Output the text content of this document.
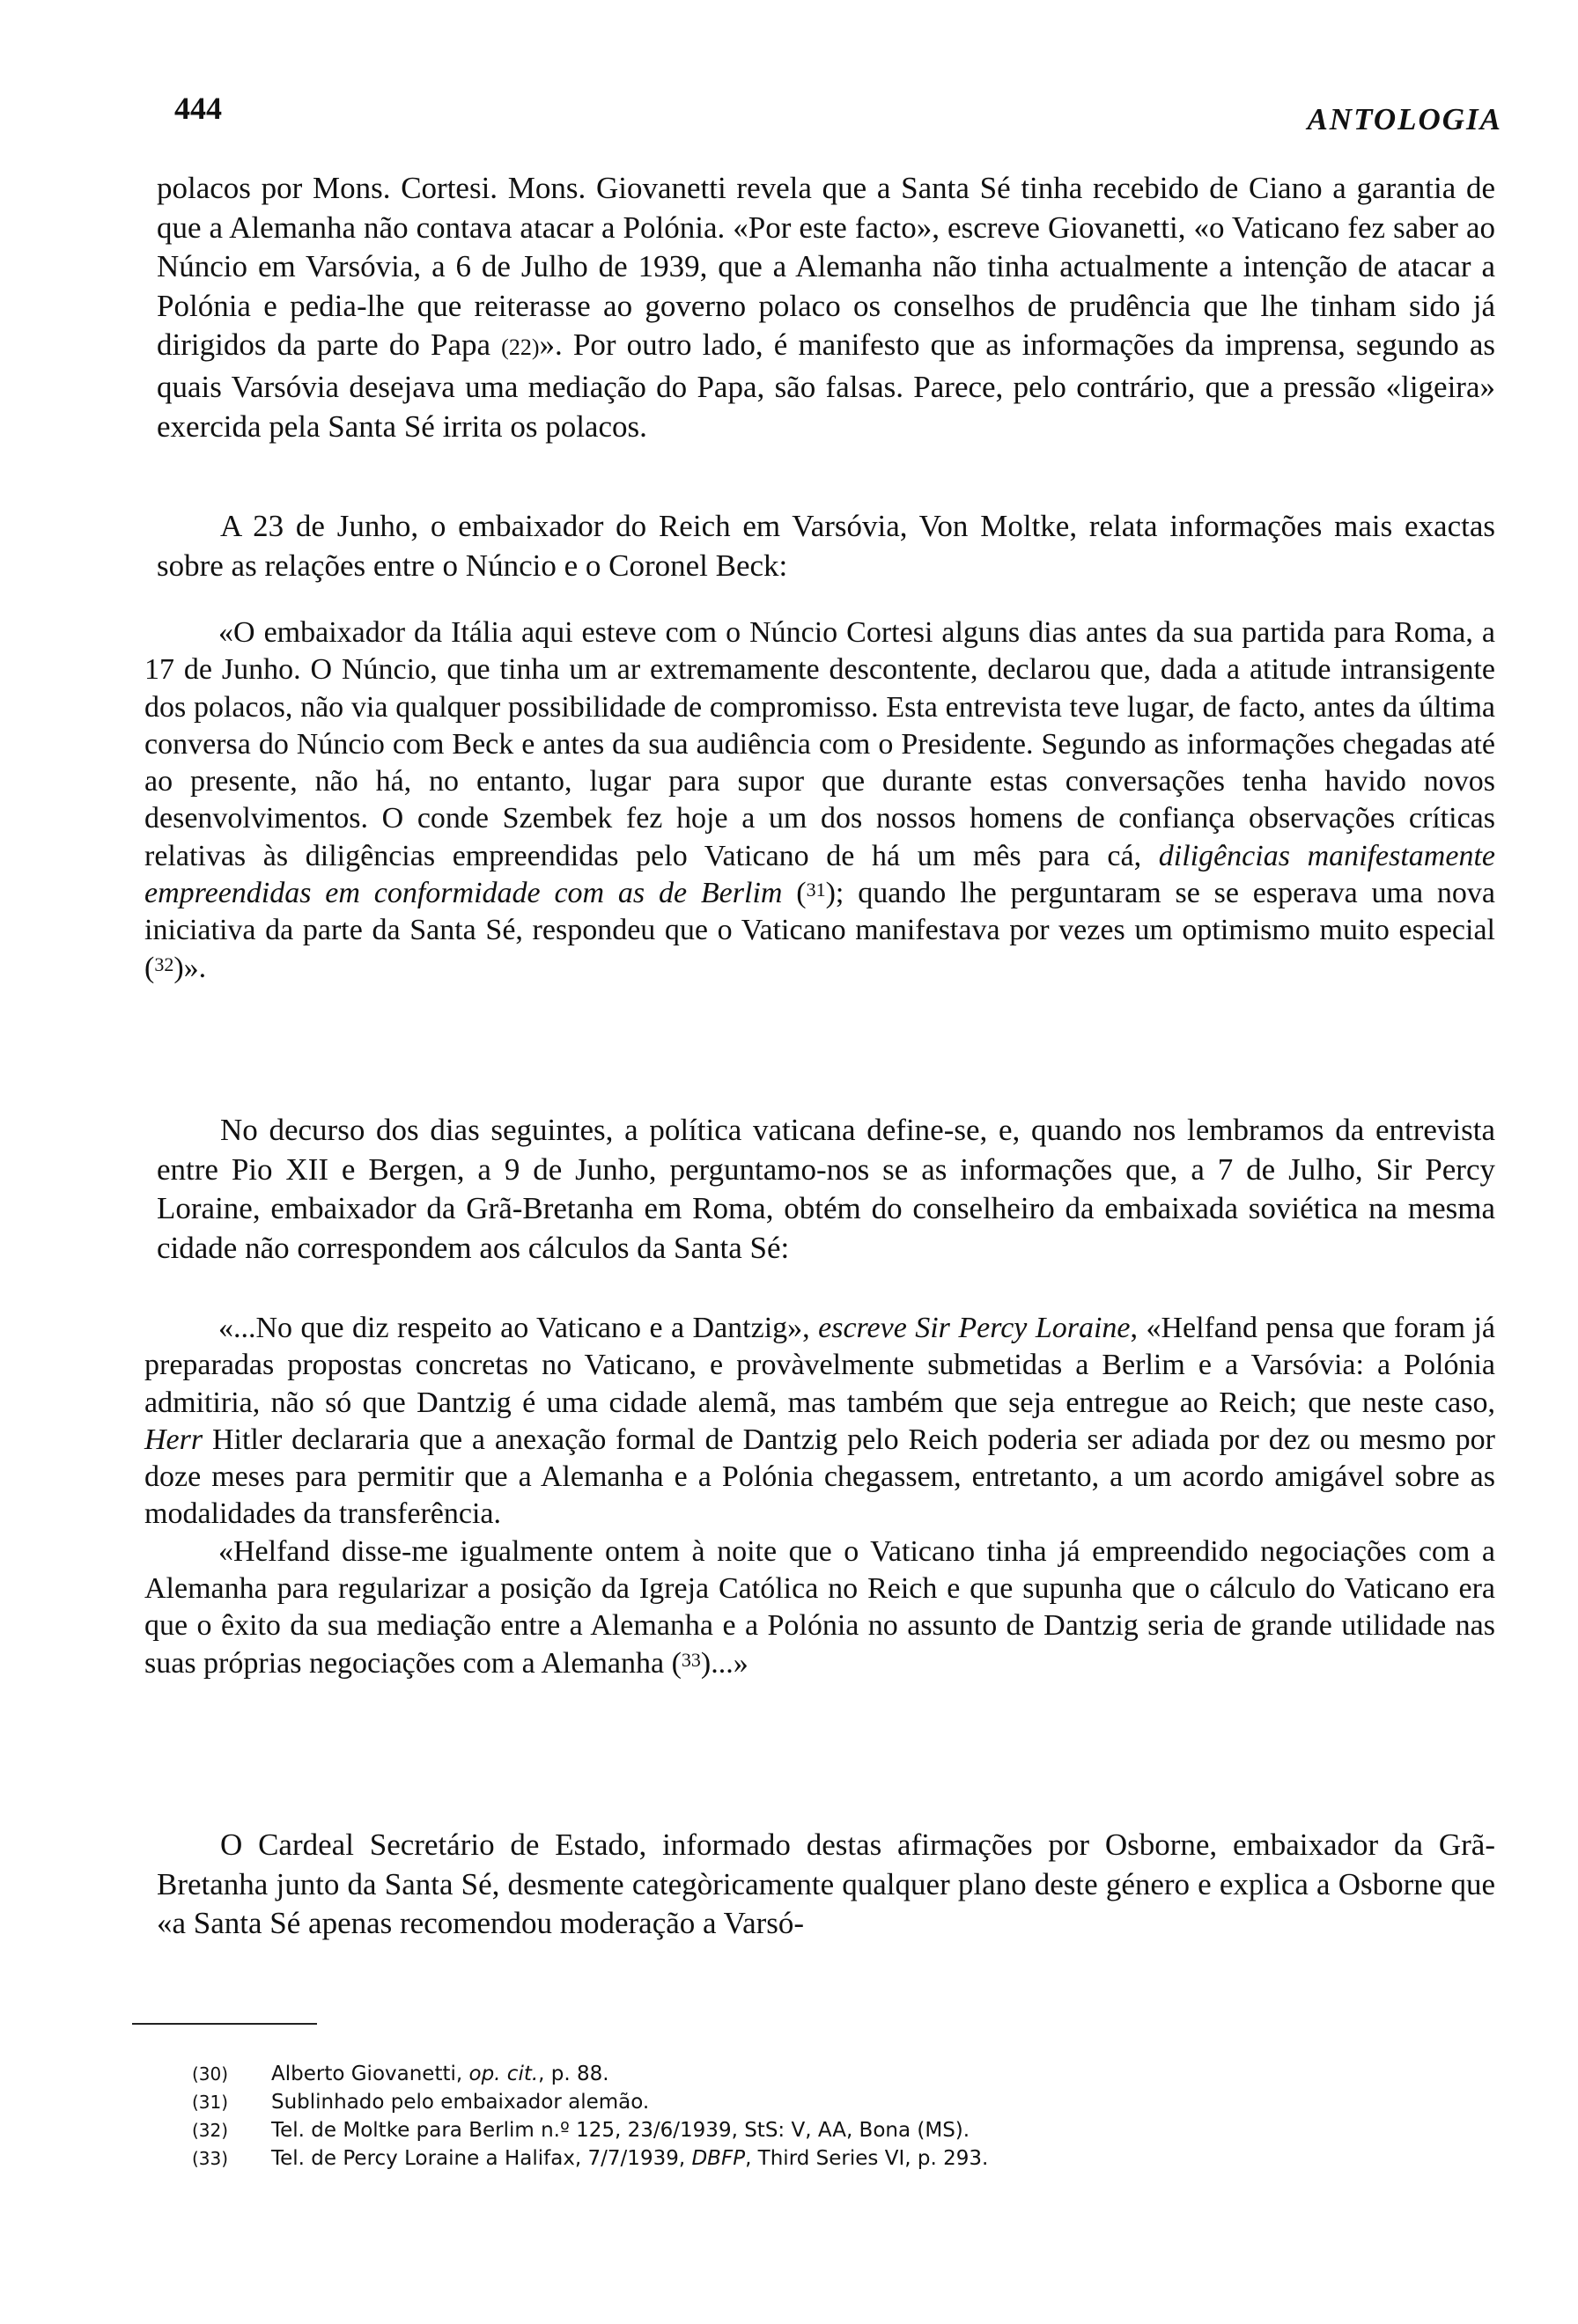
444	ANTOLOGIA

polacos por Mons. Cortesi. Mons. Giovanetti revela que a Santa Sé tinha recebido de Ciano a garantia de que a Alemanha não contava atacar a Polónia. «Por este facto», escreve Giovanetti, «o Vaticano fez saber ao Núncio em Varsóvia, a 6 de Julho de 1939, que a Alemanha não tinha actualmente a intenção de atacar a Polónia e pedia-lhe que reiterasse ao governo polaco os conselhos de prudência que lhe tinham sido já dirigidos da parte do Papa (22)». Por outro lado, é manifesto que as informações da imprensa, segundo as quais Varsóvia desejava uma mediação do Papa, são falsas. Parece, pelo contrário, que a pressão «ligeira» exercida pela Santa Sé irrita os polacos.

A 23 de Junho, o embaixador do Reich em Varsóvia, Von Moltke, relata informações mais exactas sobre as relações entre o Núncio e o Coronel Beck:

«O embaixador da Itália aqui esteve com o Núncio Cortesi alguns dias antes da sua partida para Roma, a 17 de Junho. O Núncio, que tinha um ar extremamente descontente, declarou que, dada a atitude intransigente dos polacos, não via qualquer possibilidade de compromisso. Esta entrevista teve lugar, de facto, antes da última conversa do Núncio com Beck e antes da sua audiência com o Presidente. Segundo as informações chegadas até ao presente, não há, no entanto, lugar para supor que durante estas conversações tenha havido novos desenvolvimentos. O conde Szembek fez hoje a um dos nossos homens de confiança observações críticas relativas às diligências empreendidas pelo Vaticano de há um mês para cá, diligências manifestamente empreendidas em conformidade com as de Berlim ($^{31}$); quando lhe perguntaram se se esperava uma nova iniciativa da parte da Santa Sé, respondeu que o Vaticano manifestava por vezes um optimismo muito especial ($^{32}$)».

No decurso dos dias seguintes, a política vaticana define-se, e, quando nos lembramos da entrevista entre Pio XII e Bergen, a 9 de Junho, perguntamo-nos se as informações que, a 7 de Julho, Sir Percy Loraine, embaixador da Grã-Bretanha em Roma, obtém do conselheiro da embaixada soviética na mesma cidade não correspondem aos cálculos da Santa Sé:

«...No que diz respeito ao Vaticano e a Dantzig», escreve Sir Percy Loraine, «Helfand pensa que foram já preparadas propostas concretas no Vaticano, e provàvelmente submetidas a Berlim e a Varsóvia: a Polónia admitiria, não só que Dantzig é uma cidade alemã, mas também que seja entregue ao Reich; que neste caso, Herr Hitler declararia que a anexação formal de Dantzig pelo Reich poderia ser adiada por dez ou mesmo por doze meses para permitir que a Alemanha e a Polónia chegassem, entretanto, a um acordo amigável sobre as modalidades da transferência.

«Helfand disse-me igualmente ontem à noite que o Vaticano tinha já empreendido negociações com a Alemanha para regularizar a posição da Igreja Católica no Reich e que supunha que o cálculo do Vaticano era que o êxito da sua mediação entre a Alemanha e a Polónia no assunto de Dantzig seria de grande utilidade nas suas próprias negociações com a Alemanha ($^{33}$)...»

O Cardeal Secretário de Estado, informado destas afirmações por Osborne, embaixador da Grã-Bretanha junto da Santa Sé, desmente categòricamente qualquer plano deste género e explica a Osborne que «a Santa Sé apenas recomendou moderação a Varsó-

(30)	Alberto Giovanetti, op. cit., p. 88.
(31)	Sublinhado pelo embaixador alemão.
(32)	Tel. de Moltke para Berlim n.º 125, 23/6/1939, StS: V, AA, Bona (MS).
(33)	Tel. de Percy Loraine a Halifax, 7/7/1939, DBFP, Third Series VI, p. 293.
